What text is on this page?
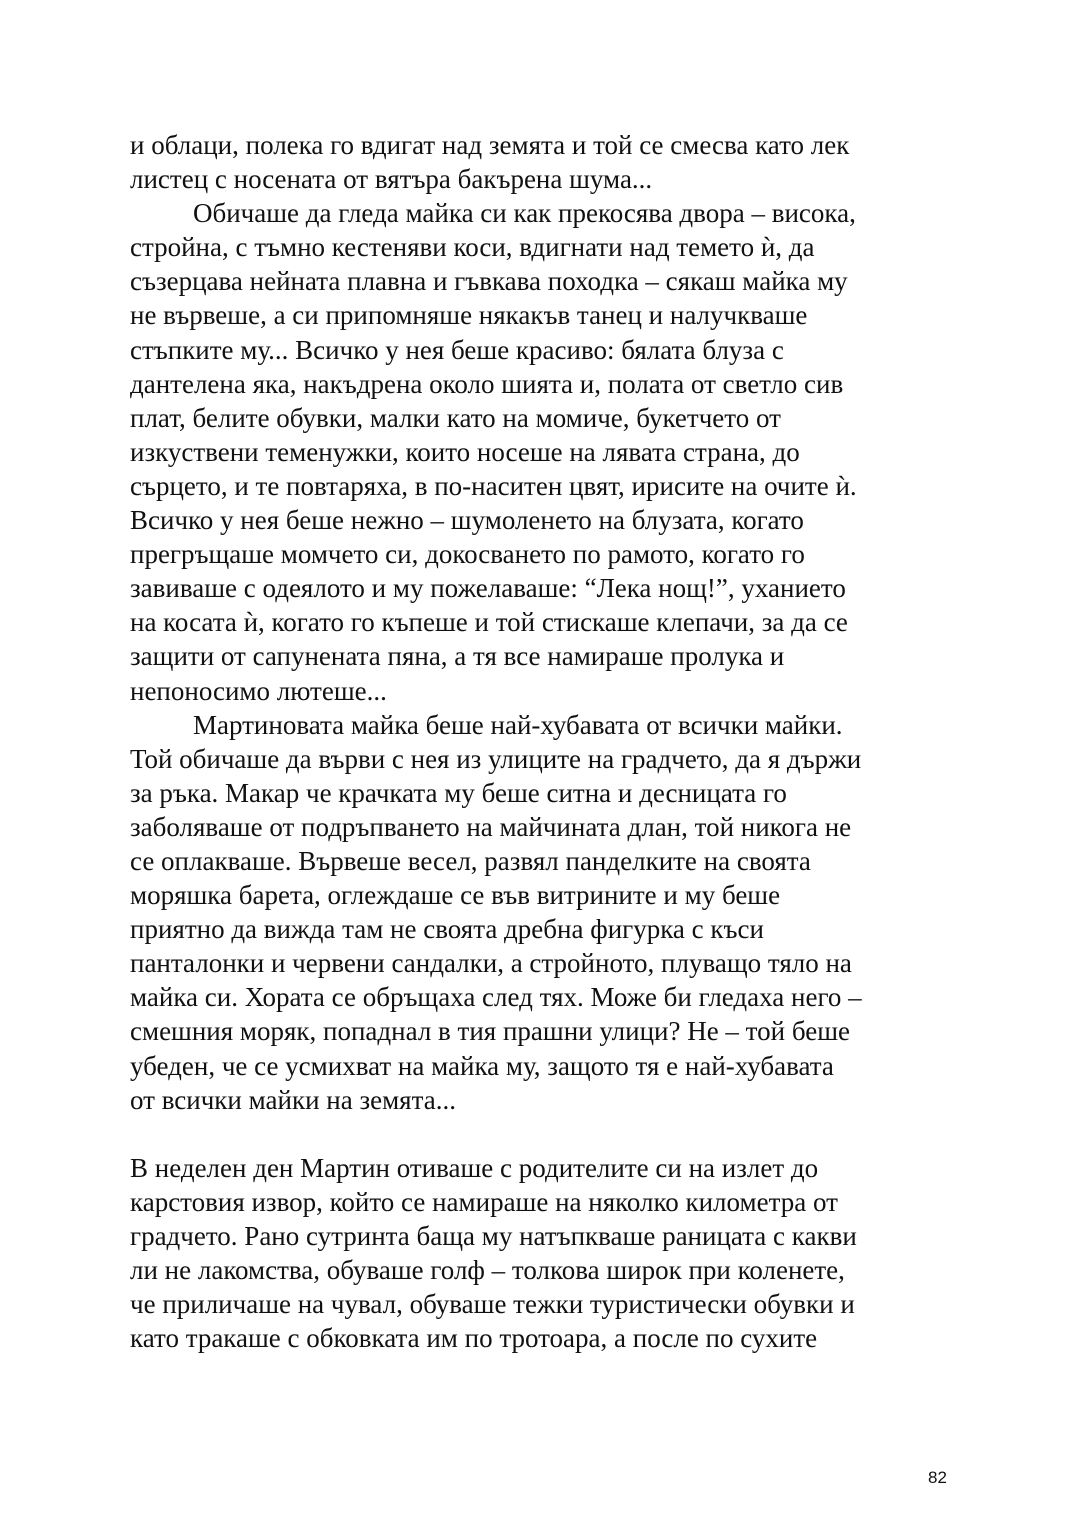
и облаци, полека го вдигат над земята и той се смесва като лек
листец с носената от вятъра бакърена шума...

Обичаше да гледа майка си как прекосява двора – висока,
стройна, с тъмно кестеняви коси, вдигнати над темето ѝ, да
съзерцава нейната плавна и гъвкава походка – сякаш майка му
не вървеше, а си припомняше някакъв танец и налучкваше
стъпките му... Всичко у нея беше красиво: бялата блуза с
дантелена яка, накъдрена около шията и, полата от светло сив
плат, белите обувки, малки като на момиче, букетчето от
изкуствени теменужки, които носеше на лявата страна, до
сърцето, и те повтаряха, в по-наситен цвят, ирисите на очите ѝ.
Всичко у нея беше нежно – шумоленето на блузата, когато
прегръщаше момчето си, докосването по рамото, когато го
завиваше с одеялото и му пожелаваше: “Лека нощ!”, уханието
на косата ѝ, когато го къпеше и той стискаше клепачи, за да се
защити от сапунената пяна, а тя все намираше пролука и
непоносимо лютеше...

Мартиновата майка беше най-хубавата от всички майки.
Той обичаше да върви с нея из улиците на градчето, да я държи
за ръка. Макар че крачката му беше ситна и десницата го
заболяваше от подръпването на майчината длан, той никога не
се оплакваше. Вървеше весел, развял панделките на своята
моряшка барета, оглеждаше се във витрините и му беше
приятно да вижда там не своята дребна фигурка с къси
панталонки и червени сандалки, а стройното, плуващо тяло на
майка си. Хората се обръщаха след тях. Може би гледаха него –
смешния моряк, попаднал в тия прашни улици? Не – той беше
убеден, че се усмихват на майка му, защото тя е най-хубавата
от всички майки на земята...

В неделен ден Мартин отиваше с родителите си на излет до
карстовия извор, който се намираше на няколко километра от
градчето. Рано сутринта баща му натъпкваше раницата с какви
ли не лакомства, обуваше голф – толкова широк при коленете,
че приличаше на чувал, обуваше тежки туристически обувки и
като тракаше с обковката им по тротоара, а после по сухите

82
